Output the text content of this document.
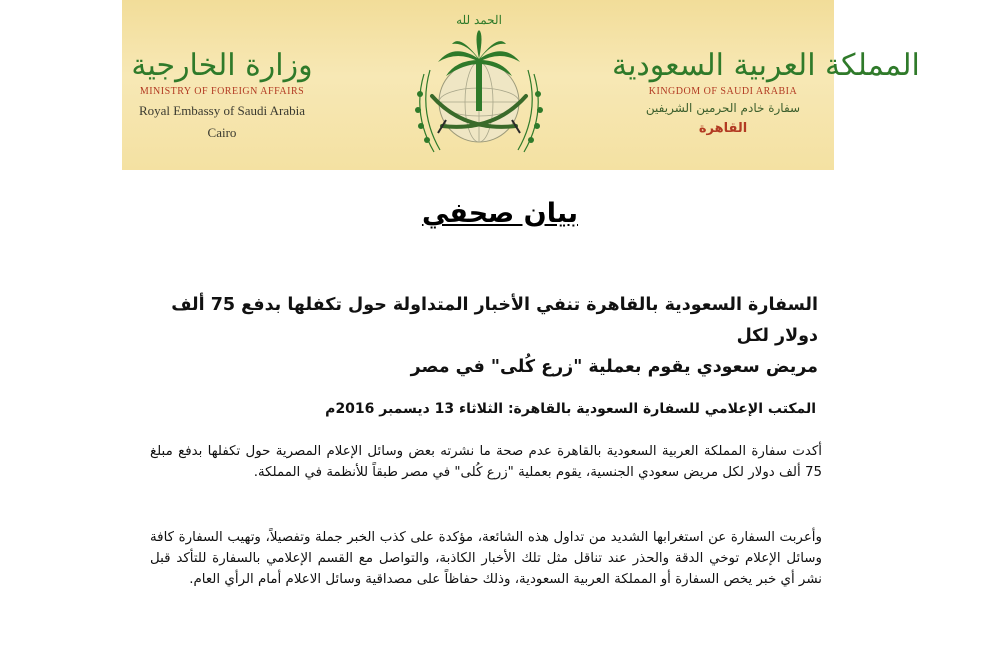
وزارة الخارجية
MINISTRY OF FOREIGN AFFAIRS
Royal Embassy of Saudi Arabia
Cairo
الحمد لله
المملكة العربية السعودية
KINGDOM OF SAUDI ARABIA
سفارة خادم الحرمين الشريفين
القاهرة
بيان صحفي
السفارة السعودية بالقاهرة تنفي الأخبار المتداولة حول تكفلها بدفع 75 ألف دولار لكل
مريض سعودي يقوم بعملية "زرع كُلى" في مصر
المكتب الإعلامي للسفارة السعودية بالقاهرة: الثلاثاء 13 ديسمبر 2016م
أكدت سفارة المملكة العربية السعودية بالقاهرة عدم صحة ما نشرته بعض وسائل الإعلام المصرية حول تكفلها بدفع مبلغ 75 ألف دولار لكل مريض سعودي الجنسية، يقوم بعملية "زرع كُلى" في مصر طبقاً للأنظمة في المملكة.
وأعربت السفارة عن استغرابها الشديد من تداول هذه الشائعة، مؤكدة على كذب الخبر جملة وتفصيلاً، وتهيب السفارة كافة وسائل الإعلام توخي الدقة والحذر عند تناقل مثل تلك الأخبار الكاذبة، والتواصل مع القسم الإعلامي بالسفارة للتأكد قبل نشر أي خبر يخص السفارة أو المملكة العربية السعودية، وذلك حفاظاً على مصداقية وسائل الاعلام أمام الرأي العام.
